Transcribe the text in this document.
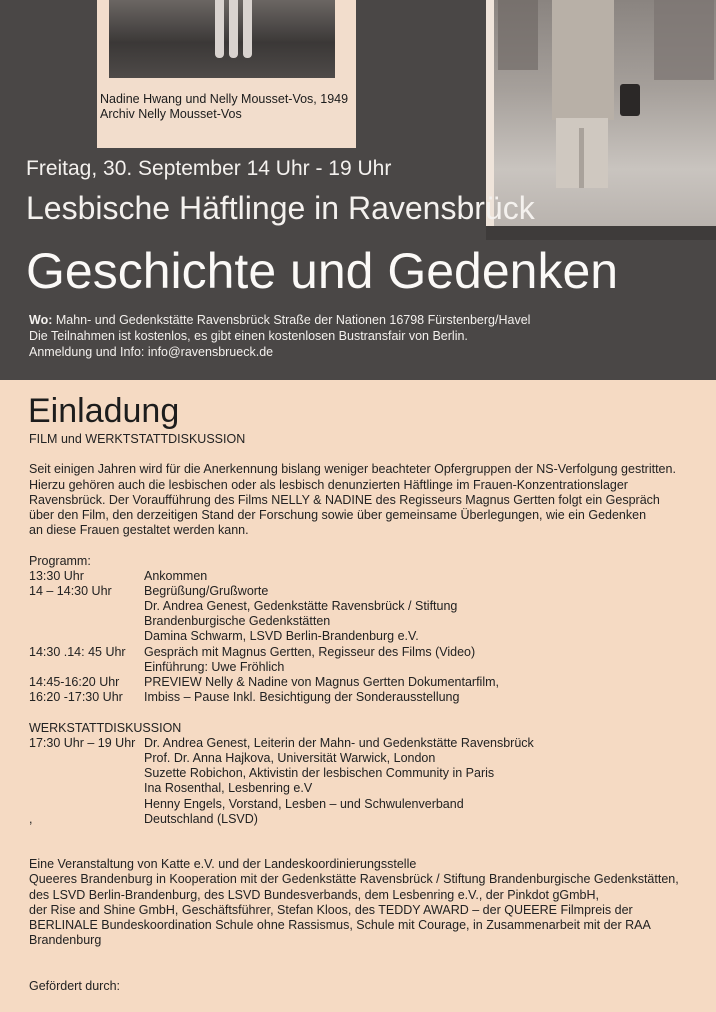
Nadine Hwang und Nelly Mousset-Vos, 1949
Archiv Nelly Mousset-Vos
Freitag, 30. September 14 Uhr - 19 Uhr
Lesbische Häftlinge in Ravensbrück
Geschichte und Gedenken
Wo: Mahn- und Gedenkstätte Ravensbrück Straße der Nationen 16798 Fürstenberg/Havel
Die Teilnahmen ist kostenlos, es gibt einen kostenlosen Bustransfair von Berlin.
Anmeldung und Info: info@ravensbrueck.de
Einladung
FILM und WERKTSTATTDISKUSSION
Seit einigen Jahren wird für die Anerkennung bislang weniger beachteter Opfergruppen der NS-Verfolgung gestritten.
Hierzu gehören auch die lesbischen oder als lesbisch denunzierten Häftlinge im Frauen-Konzentrationslager
Ravensbrück. Der Voraufführung des Films NELLY & NADINE des Regisseurs Magnus Gertten folgt ein Gespräch
über den Film, den derzeitigen Stand der Forschung sowie über gemeinsame Überlegungen, wie ein Gedenken
an diese Frauen gestaltet werden kann.
Programm:
13:30 Uhr	Ankommen
14 – 14:30 Uhr	Begrüßung/Grußworte
Dr. Andrea Genest, Gedenkstätte Ravensbrück / Stiftung
Brandenburgische Gedenkstätten
Damina Schwarm, LSVD Berlin-Brandenburg e.V.
14:30 .14: 45 Uhr	Gespräch mit Magnus Gertten, Regisseur des Films (Video)
Einführung: Uwe Fröhlich
14:45-16:20 Uhr	PREVIEW Nelly & Nadine von Magnus Gertten Dokumentarfilm,
16:20 -17:30 Uhr	Imbiss – Pause Inkl. Besichtigung der Sonderausstellung
WERKSTATTDISKUSSION
17:30 Uhr – 19 Uhr Dr. Andrea Genest, Leiterin der Mahn- und Gedenkstätte Ravensbrück
Prof. Dr. Anna Hajkova, Universität Warwick, London
Suzette Robichon, Aktivistin der lesbischen Community in Paris
Ina Rosenthal, Lesbenring e.V
Henny Engels, Vorstand, Lesben – und Schwulenverband
,	Deutschland (LSVD)
Eine Veranstaltung von Katte e.V. und der Landeskoordinierungsstelle
Queeres Brandenburg in Kooperation mit der Gedenkstätte Ravensbrück / Stiftung Brandenburgische Gedenkstätten,
des LSVD Berlin-Brandenburg, des LSVD Bundesverbands, dem Lesbenring e.V., der Pinkdot gGmbH,
der Rise and Shine GmbH, Geschäftsführer, Stefan Kloos, des TEDDY AWARD – der QUEERE Filmpreis der
BERLINALE Bundeskoordination Schule ohne Rassismus, Schule mit Courage, in Zusammenarbeit mit der RAA
Brandenburg
Gefördert durch:
